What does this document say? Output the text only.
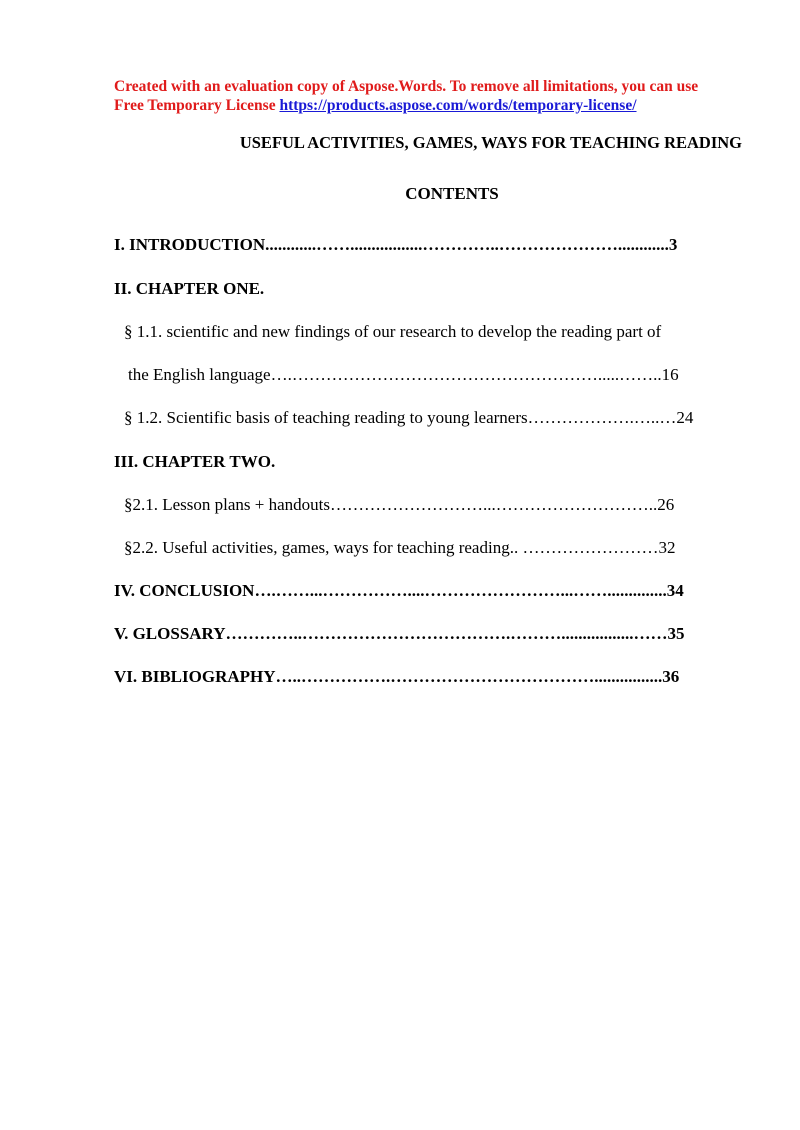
Created with an evaluation copy of Aspose.Words. To remove all limitations, you can use
Free Temporary License https://products.aspose.com/words/temporary-license/
USEFUL ACTIVITIES, GAMES, WAYS FOR TEACHING READING
CONTENTS
I. INTRODUCTION............…….................…………..…………………............3
II. CHAPTER ONE.
§ 1.1. scientific and new findings of our research to develop the reading part of
the English language….……………………………………………….....……..16
§ 1.2. Scientific basis of teaching reading to young learners……………….…..…24
III. CHAPTER TWO.
§2.1. Lesson plans + handouts………………………...………………………..26
§2.2. Useful activities, games, ways for teaching reading.. ……………………32
IV. CONCLUSION….……...……………....……………………...……..............34
V. GLOSSARY…………..……………………………….……….................……35
VI. BIBLIOGRAPHY…..…………….………………………………................36
